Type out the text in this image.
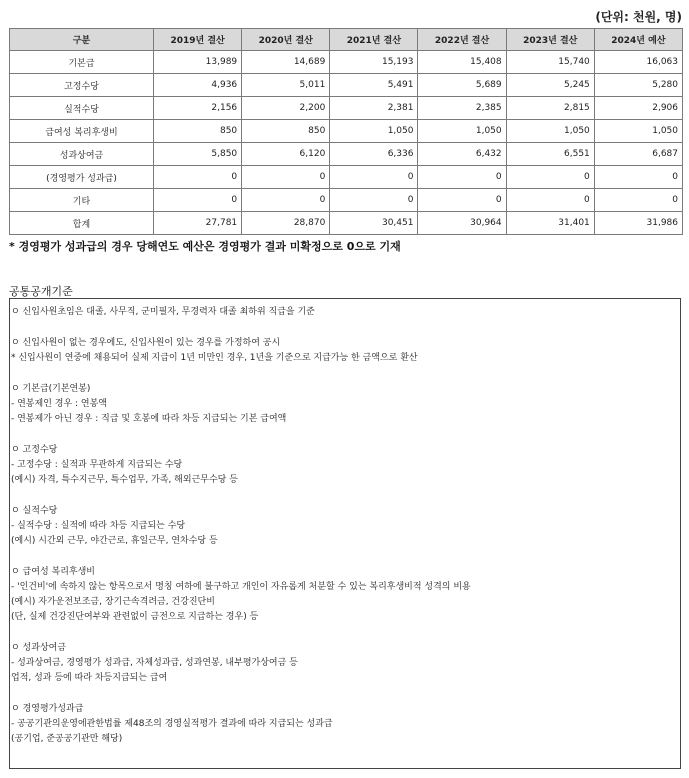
(단위: 천원, 명)
구분	2019년 결산	2020년 결산	2021년 결산	2022년 결산	2023년 결산	2024년 예산
기본급	13,989	14,689	15,193	15,408	15,740	16,063
고정수당	4,936	5,011	5,491	5,689	5,245	5,280
실적수당	2,156	2,200	2,381	2,385	2,815	2,906
급여성 복리후생비	850	850	1,050	1,050	1,050	1,050
성과상여금	5,850	6,120	6,336	6,432	6,551	6,687
(경영평가 성과급)	0	0	0	0	0	0
기타	0	0	0	0	0	0
합계	27,781	28,870	30,451	30,964	31,401	31,986
* 경영평가 성과급의 경우 당해연도 예산은 경영평가 결과 미확정으로 0으로 기재
공통공개기준
ㅇ 신입사원초임은 대졸, 사무직, 군미필자, 무경력자 대졸 최하위 직급을 기준
ㅇ 신입사원이 없는 경우에도, 신입사원이 있는 경우를 가정하여 공시
* 신입사원이 연중에 채용되어 실제 지급이 1년 미만인 경우, 1년을 기준으로 지급가능 한 금액으로 환산
ㅇ 기본급(기본연봉)
- 연봉제인 경우 : 연봉액
- 연봉제가 아닌 경우 : 직급 및 호봉에 따라 차등 지급되는 기본 급여액
ㅇ 고정수당
- 고정수당 : 실적과 무관하게 지급되는 수당
(예시) 자격, 특수지근무, 특수업무, 가족, 해외근무수당 등
ㅇ 실적수당
- 실적수당 : 실적에 따라 차등 지급되는 수당
(예시) 시간외 근무, 야간근로, 휴일근무, 연차수당 등
ㅇ 급여성 복리후생비
- '인건비'에 속하지 않는 항목으로서 명칭 여하에 불구하고 개인이 자유롭게 처분할 수 있는 복리후생비적 성격의 비용
(예시) 자가운전보조금, 장기근속격려금, 건강진단비
(단, 실제 건강진단여부와 관련없이 금전으로 지급하는 경우) 등
ㅇ 성과상여금
- 성과상여금, 경영평가 성과급, 자체성과급, 성과연봉, 내부평가상여금 등
업적, 성과 등에 따라 차등지급되는 급여
ㅇ 경영평가성과급
- 공공기관의운영에관한법률 제48조의 경영실적평가 결과에 따라 지급되는 성과급
(공기업, 준공공기관만 해당)
